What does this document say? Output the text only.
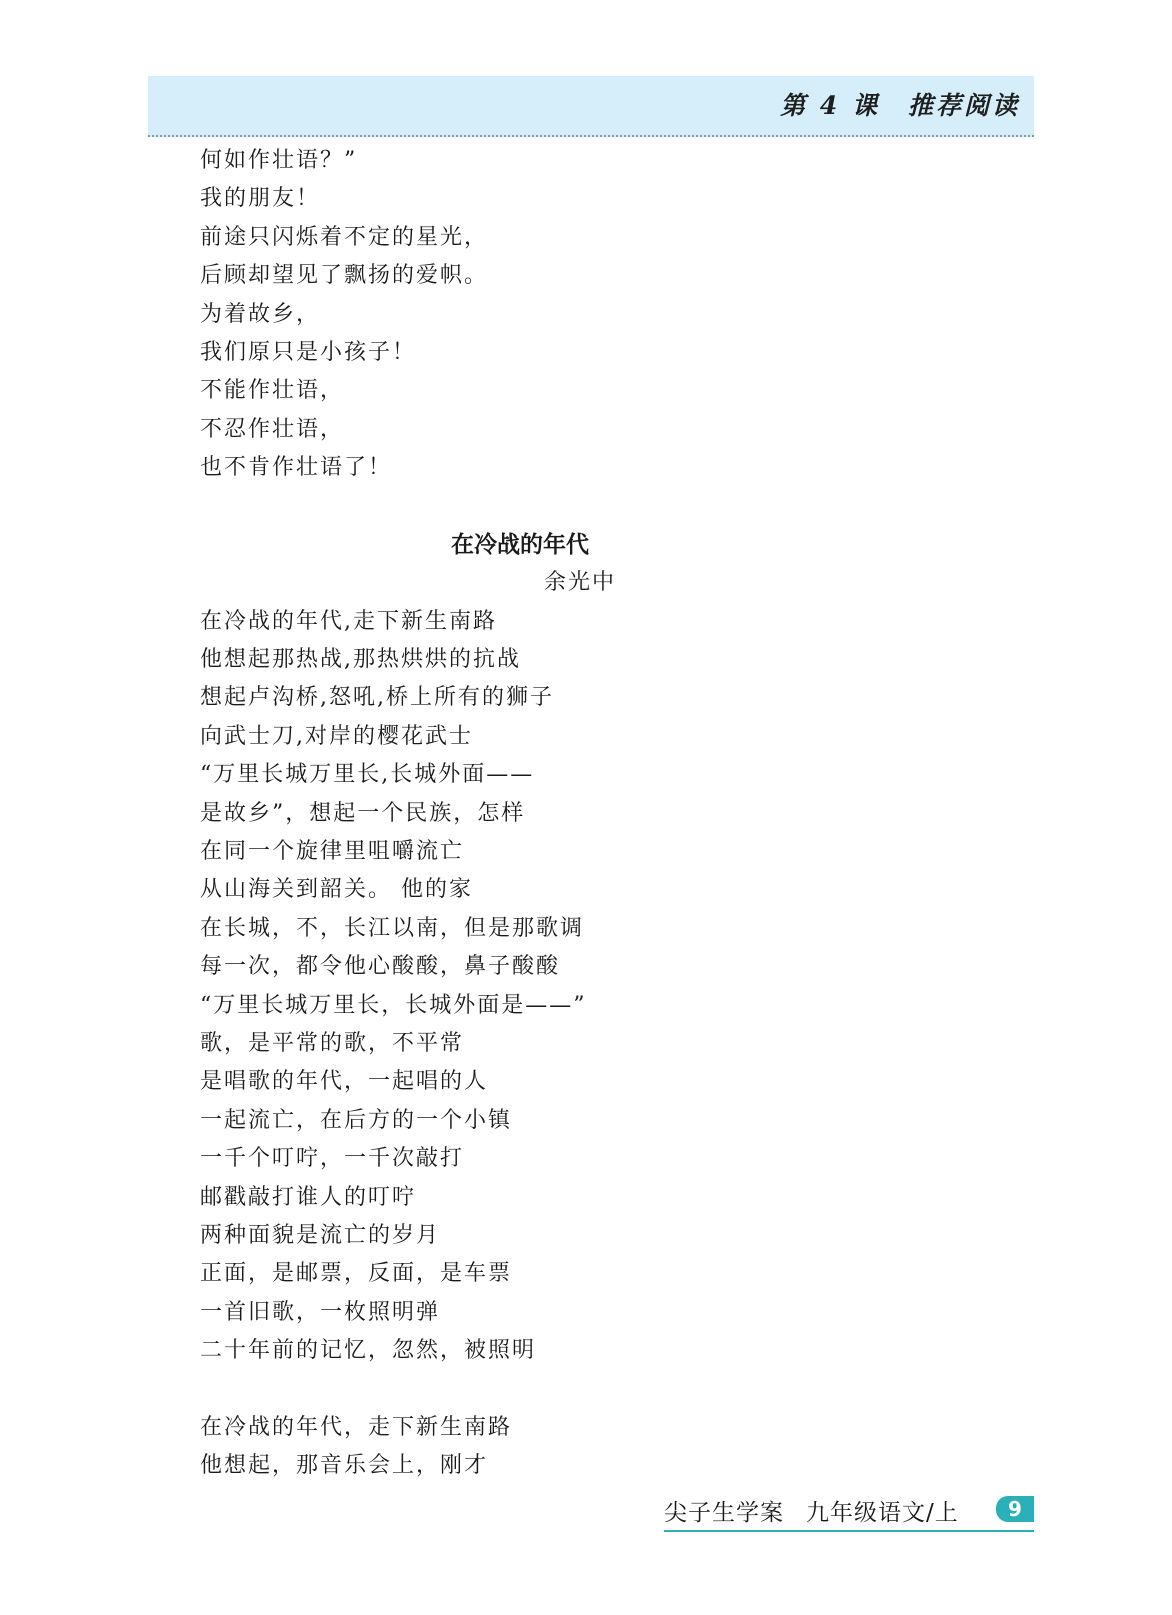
第 4 课 推荐阅读
何如作壮语？”
我的朋友！
前途只闪烁着不定的星光，
后顾却望见了飘扬的爱帜。
为着故乡，
我们原只是小孩子！
不能作壮语，
不忍作壮语，
也不肯作壮语了！
在冷战的年代
余光中
在冷战的年代,走下新生南路
他想起那热战,那热烘烘的抗战
想起卢沟桥,怒吼,桥上所有的狮子
向武士刀,对岸的樱花武士
“万里长城万里长,长城外面——
是故乡”，想起一个民族，怎样
在同一个旋律里咀嚼流亡
从山海关到韶关。 他的家
在长城，不，长江以南，但是那歌调
每一次，都令他心酸酸，鼻子酸酸
“万里长城万里长，长城外面是——”
歌，是平常的歌，不平常
是唱歌的年代，一起唱的人
一起流亡，在后方的一个小镇
一千个叮咛，一千次敲打
邮戳敲打谁人的叮咛
两种面貌是流亡的岁月
正面，是邮票，反面，是车票
一首旧歌，一枚照明弹
二十年前的记忆，忽然，被照明
在冷战的年代，走下新生南路
他想起，那音乐会上，刚才
尖子生学案 九年级语文/上	9
